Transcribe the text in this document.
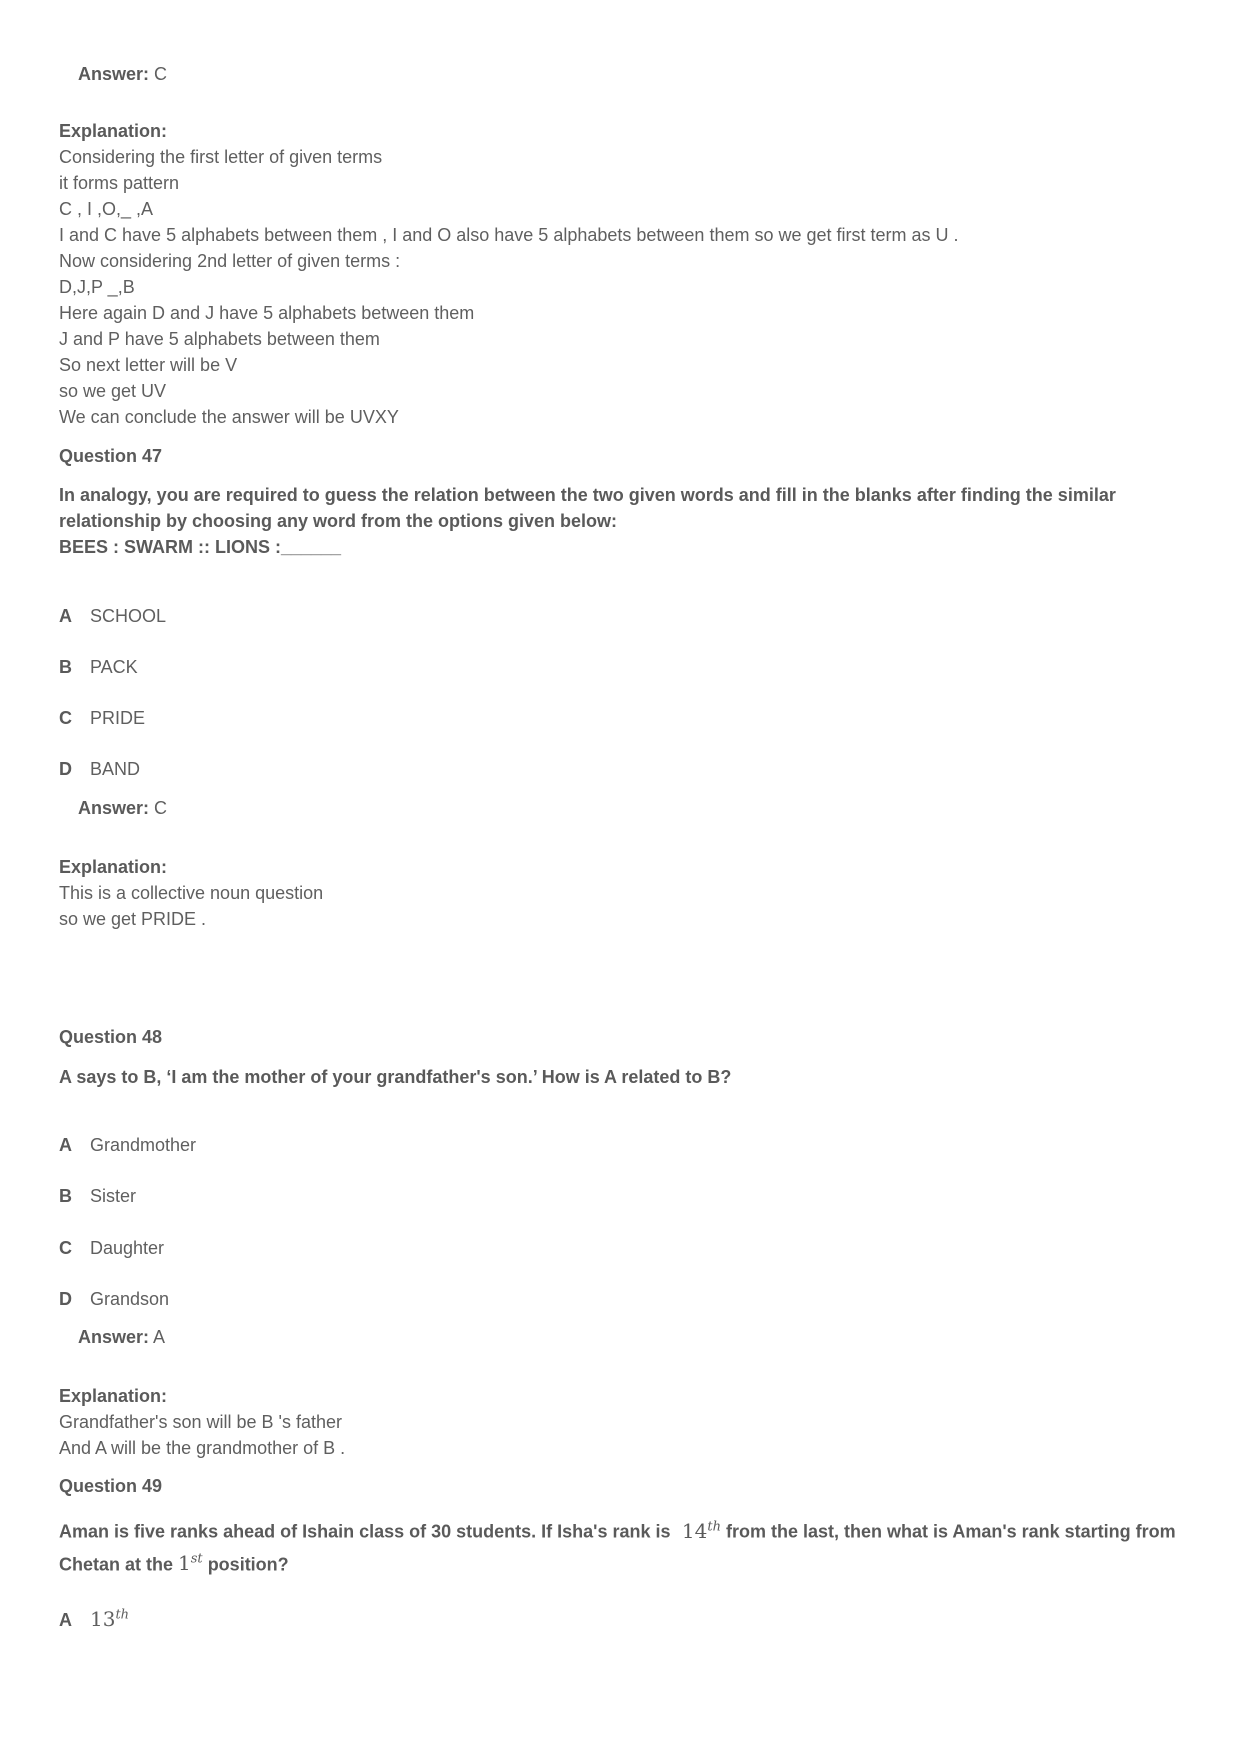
Answer: C
Explanation:
Considering the first letter of given terms
it forms pattern
C , I ,O,_ ,A
I and C have 5 alphabets between them , I and O also have 5 alphabets between them so we get first term as U .
Now considering 2nd letter of given terms :
D,J,P _,B
Here again D and J have 5 alphabets between them
J and P have 5 alphabets between them
So next letter will be V
so we get UV
We can conclude the answer will be UVXY
Question 47
In analogy, you are required to guess the relation between the two given words and fill in the blanks after finding the similar
relationship by choosing any word from the options given below:
BEES : SWARM :: LIONS :______
A SCHOOL
B PACK
C PRIDE
D BAND
Answer: C
Explanation:
This is a collective noun question
so we get PRIDE .
Question 48
A says to B, ‘I am the mother of your grandfather's son.’ How is A related to B?
A Grandmother
B Sister
C Daughter
D Grandson
Answer: A
Explanation:
Grandfather's son will be B 's father
And A will be the grandmother of B .
Question 49
Aman is five ranks ahead of Ishain class of 30 students. If Isha's rank is 14th from the last, then what is Aman's rank starting from
Chetan at the 1st position?
A 13th
